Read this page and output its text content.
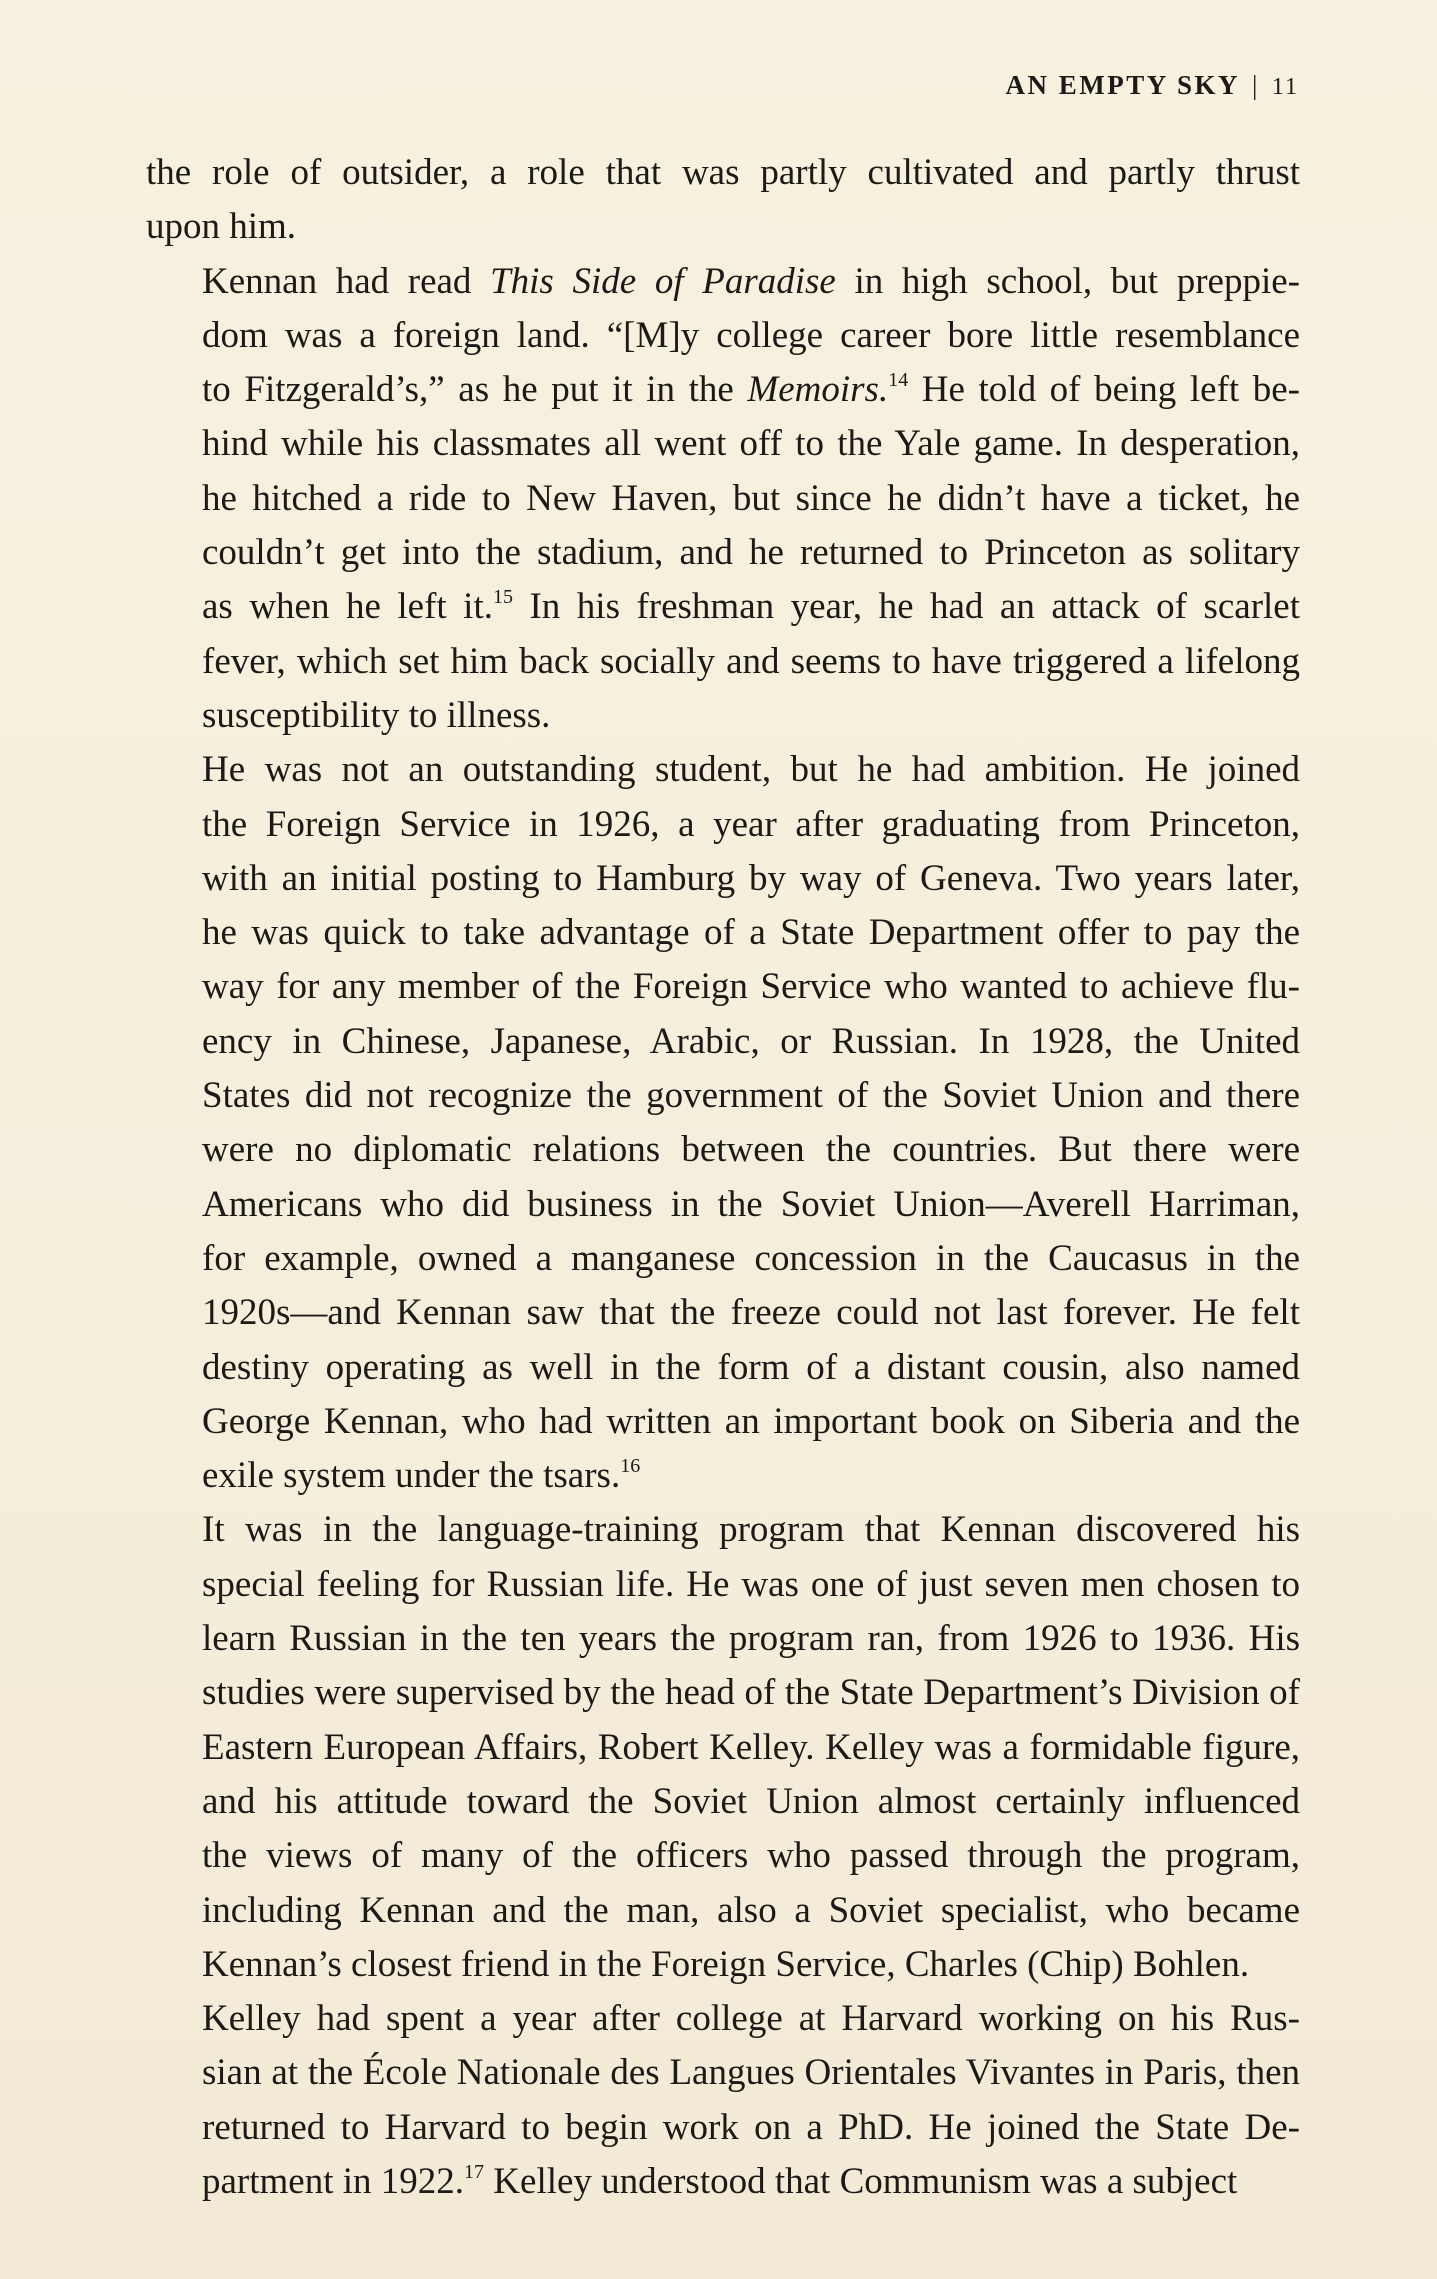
AN EMPTY SKY | 11

the role of outsider, a role that was partly cultivated and partly thrust
upon him.

Kennan had read This Side of Paradise in high school, but preppie-
dom was a foreign land. “[M]y college career bore little resemblance
to Fitzgerald’s,” as he put it in the Memoirs.$^{14}$ He told of being left be-
hind while his classmates all went off to the Yale game. In desperation,
he hitched a ride to New Haven, but since he didn’t have a ticket, he
couldn’t get into the stadium, and he returned to Princeton as solitary
as when he left it.$^{15}$ In his freshman year, he had an attack of scarlet
fever, which set him back socially and seems to have triggered a lifelong
susceptibility to illness.

He was not an outstanding student, but he had ambition. He joined
the Foreign Service in 1926, a year after graduating from Princeton,
with an initial posting to Hamburg by way of Geneva. Two years later,
he was quick to take advantage of a State Department offer to pay the
way for any member of the Foreign Service who wanted to achieve flu-
ency in Chinese, Japanese, Arabic, or Russian. In 1928, the United
States did not recognize the government of the Soviet Union and there
were no diplomatic relations between the countries. But there were
Americans who did business in the Soviet Union—Averell Harriman,
for example, owned a manganese concession in the Caucasus in the
1920s—and Kennan saw that the freeze could not last forever. He felt
destiny operating as well in the form of a distant cousin, also named
George Kennan, who had written an important book on Siberia and the
exile system under the tsars.$^{16}$

It was in the language-training program that Kennan discovered his
special feeling for Russian life. He was one of just seven men chosen to
learn Russian in the ten years the program ran, from 1926 to 1936. His
studies were supervised by the head of the State Department’s Division of
Eastern European Affairs, Robert Kelley. Kelley was a formidable figure,
and his attitude toward the Soviet Union almost certainly influenced
the views of many of the officers who passed through the program,
including Kennan and the man, also a Soviet specialist, who became
Kennan’s closest friend in the Foreign Service, Charles (Chip) Bohlen.

Kelley had spent a year after college at Harvard working on his Rus-
sian at the École Nationale des Langues Orientales Vivantes in Paris, then
returned to Harvard to begin work on a PhD. He joined the State De-
partment in 1922.17 Kelley understood that Communism was a subject
